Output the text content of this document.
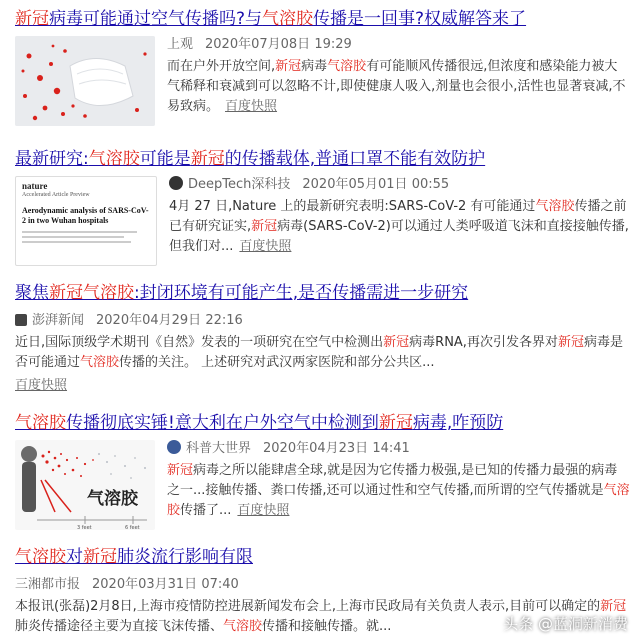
新冠病毒可能通过空气传播吗?与气溶胶传播是一回事?权威解答来了
上观 2020年07月08日 19:29
而在户外开放空间,新冠病毒气溶胶有可能顺风传播很远,但浓度和感染能力被大气稀释和衰减到可以忽略不计,即使健康人吸入,剂量也会很小,活性也显著衰减,不易致病。 百度快照
最新研究:气溶胶可能是新冠的传播载体,普通口罩不能有效防护
nature
Accelerated Article Preview
Aerodynamic analysis of SARS-CoV-2 in two Wuhan hospitals
DeepTech深科技 2020年05月01日 00:55
4月 27 日,Nature 上的最新研究表明:SARS-CoV-2 有可能通过气溶胶传播之前已有研究证实,新冠病毒(SARS-CoV-2)可以通过人类呼吸道飞沫和直接接触传播,但我们对... 百度快照
聚焦新冠气溶胶:封闭环境有可能产生,是否传播需进一步研究
澎湃新闻 2020年04月29日 22:16
近日,国际顶级学术期刊《自然》发表的一项研究在空气中检测出新冠病毒RNA,再次引发各界对新冠病毒是否可能通过气溶胶传播的关注。 上述研究对武汉两家医院和部分公共区...
百度快照
气溶胶传播彻底实锤!意大利在户外空气中检测到新冠病毒,咋预防
3 feet	6 feet
气溶胶
科普大世界 2020年04月23日 14:41
新冠病毒之所以能肆虐全球,就是因为它传播力极强,是已知的传播力最强的病毒之一...接触传播、粪口传播,还可以通过性和空气传播,而所谓的空气传播就是气溶胶传播了... 百度快照
气溶胶对新冠肺炎流行影响有限
三湘都市报 2020年03月31日 07:40
本报讯(张磊)2月8日,上海市疫情防控进展新闻发布会上,上海市民政局有关负责人表示,目前可以确定的新冠肺炎传播途径主要为直接飞沫传播、气溶胶传播和接触传播。就...	头条 @蓝洞新消费
